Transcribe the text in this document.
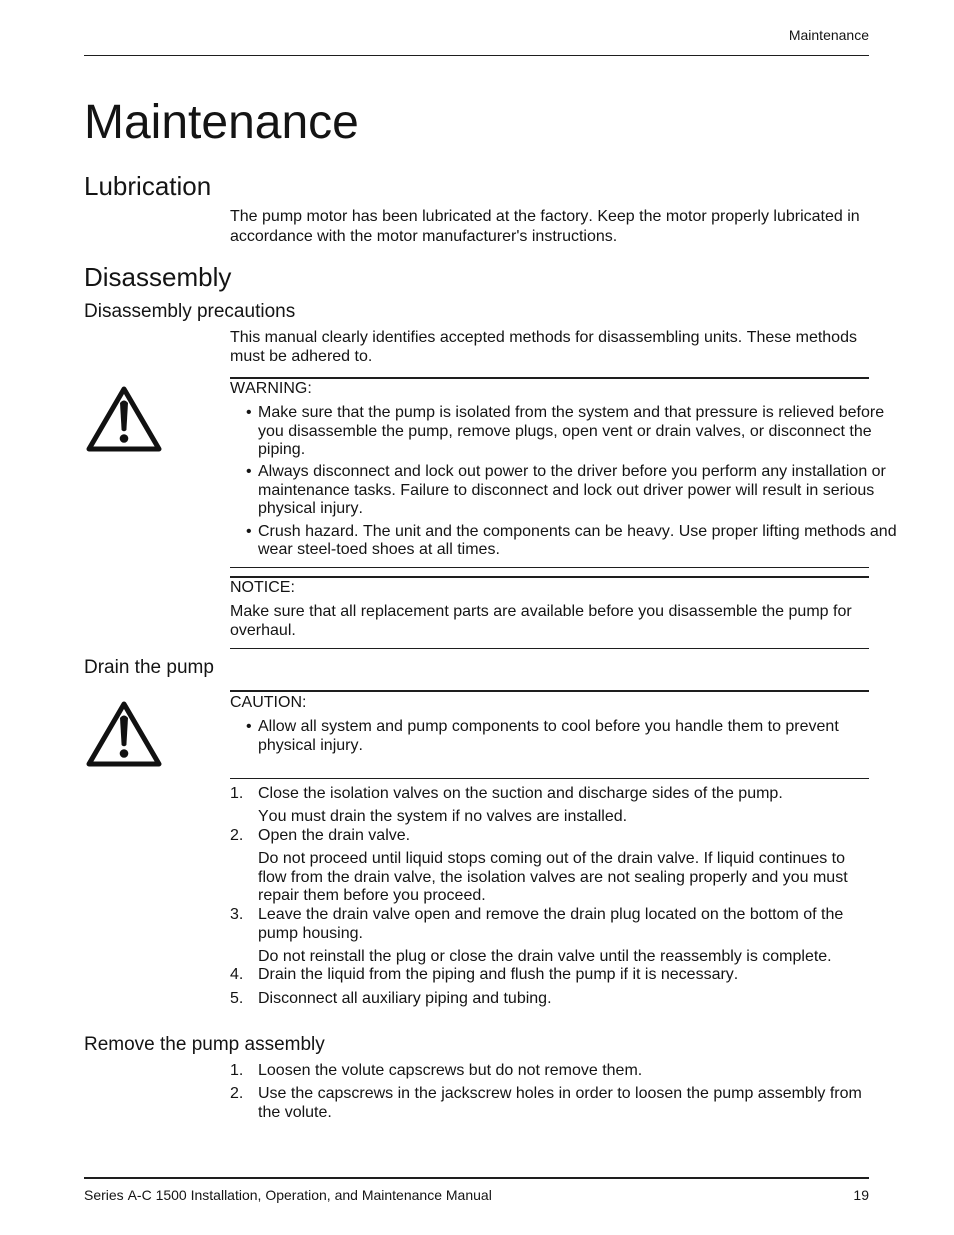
Maintenance
Maintenance
Lubrication

The pump motor has been lubricated at the factory. Keep the motor properly lubricated in accordance with the motor manufacturer's instructions.

Disassembly
Disassembly precautions

This manual clearly identifies accepted methods for disassembling units. These methods must be adhered to.

WARNING:
• Make sure that the pump is isolated from the system and that pressure is relieved before you disassemble the pump, remove plugs, open vent or drain valves, or disconnect the piping.
• Always disconnect and lock out power to the driver before you perform any installation or maintenance tasks. Failure to disconnect and lock out driver power will result in serious physical injury.
• Crush hazard. The unit and the components can be heavy. Use proper lifting methods and wear steel-toed shoes at all times.
NOTICE:

Make sure that all replacement parts are available before you disassemble the pump for overhaul.

Drain the pump
CAUTION:
• Allow all system and pump components to cool before you handle them to prevent physical injury.
1. Close the isolation valves on the suction and discharge sides of the pump.
You must drain the system if no valves are installed.
2. Open the drain valve.
Do not proceed until liquid stops coming out of the drain valve. If liquid continues to flow from the drain valve, the isolation valves are not sealing properly and you must repair them before you proceed.
3. Leave the drain valve open and remove the drain plug located on the bottom of the pump housing.
Do not reinstall the plug or close the drain valve until the reassembly is complete.
4. Drain the liquid from the piping and flush the pump if it is necessary.
5. Disconnect all auxiliary piping and tubing.
Remove the pump assembly
1. Loosen the volute capscrews but do not remove them.
2. Use the capscrews in the jackscrew holes in order to loosen the pump assembly from the volute.
Series A-C 1500 Installation, Operation, and Maintenance Manual	19
